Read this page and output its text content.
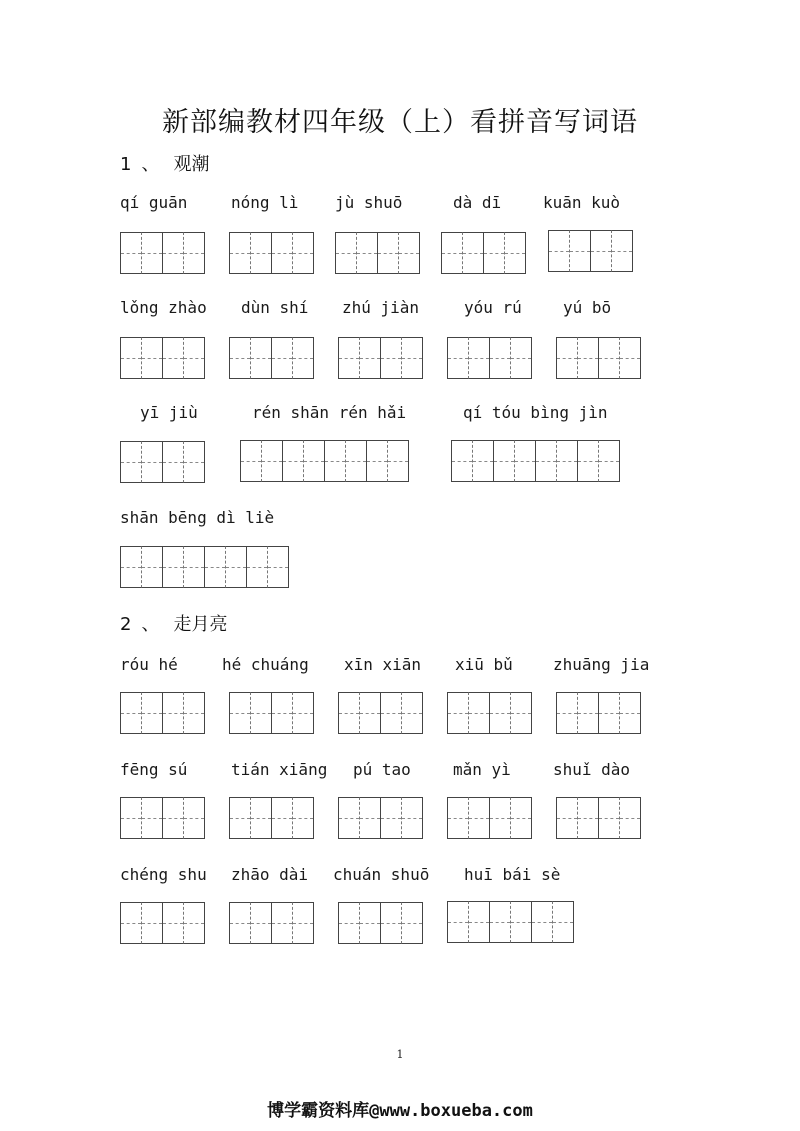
新部编教材四年级（上）看拼音写词语
1 、 观潮
2 、 走月亮
qí guān	nóng lì jù shuō	dà dī	kuān kuò
lǒng zhào dùn shí zhú jiàn	yóu rú	yú bō
yī jiù	rén shān rén hǎi	qí tóu bìng jìn
shān bēng dì liè
róu hé	hé chuáng xīn xiān xiū bǔ	zhuāng jia
fēng sú	tián xiāng pú tao	mǎn yì	shuǐ dào
chéng shu zhāo dài chuán shuō huī bái sè
1
博学霸资料库@www.boxueba.com
